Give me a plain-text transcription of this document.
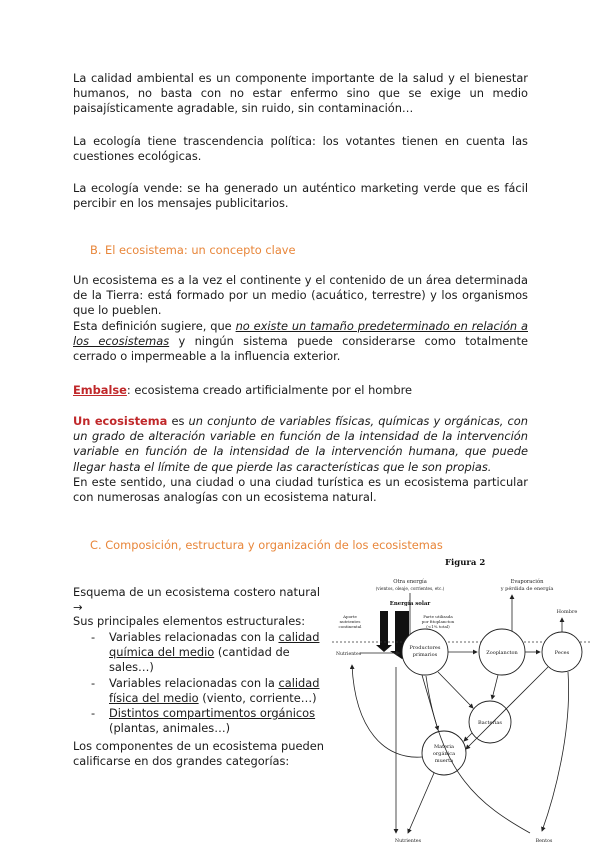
La calidad ambiental es un componente importante de la salud y el bienestar humanos, no basta con no estar enfermo sino que se exige un medio paisajísticamente agradable, sin ruido, sin contaminación…

La ecología tiene trascendencia política: los votantes tienen en cuenta las cuestiones ecológicas.

La ecología vende: se ha generado un auténtico marketing verde que es fácil percibir en los mensajes publicitarios.

B. El ecosistema: un concepto clave

Un ecosistema es a la vez el continente y el contenido de un área determinada de la Tierra: está formado por un medio (acuático, terrestre) y los organismos que lo pueblen.
Esta definición sugiere, que no existe un tamaño predeterminado en relación a los ecosistemas y ningún sistema puede considerarse como totalmente cerrado o impermeable a la influencia exterior.

Embalse: ecosistema creado artificialmente por el hombre

Un ecosistema es un conjunto de variables físicas, químicas y orgánicas, con un grado de alteración variable en función de la intensidad de la intervención variable en función de la intensidad de la intervención humana, que puede llegar hasta el límite de que pierde las características que le son propias.
En este sentido, una ciudad o una ciudad turística es un ecosistema particular con numerosas analogías con un ecosistema natural.

C. Composición, estructura y organización de los ecosistemas

Esquema de un ecosistema costero natural →

Sus principales elementos estructurales:

- Variables relacionadas con la calidad química del medio (cantidad de sales…)
- Variables relacionadas con la calidad física del medio (viento, corriente…)
- Distintos compartimentos orgánicos (plantas, animales…)

Los componentes de un ecosistema pueden calificarse en dos grandes categorías:

Figura 2
Otra energía
(vientos, oleaje, corrientes, etc.)
Evaporación
y pérdida de energía
Energía solar
Aporte
nutrientes
continental
Parte utilizada
por fitoplancton
(<1% total)
Hombre
Nutrientes
Productores
primarios	Zooplancton	Peces
Bacterias
Materia
orgánica
muerta
Nutrientes	Bentos
